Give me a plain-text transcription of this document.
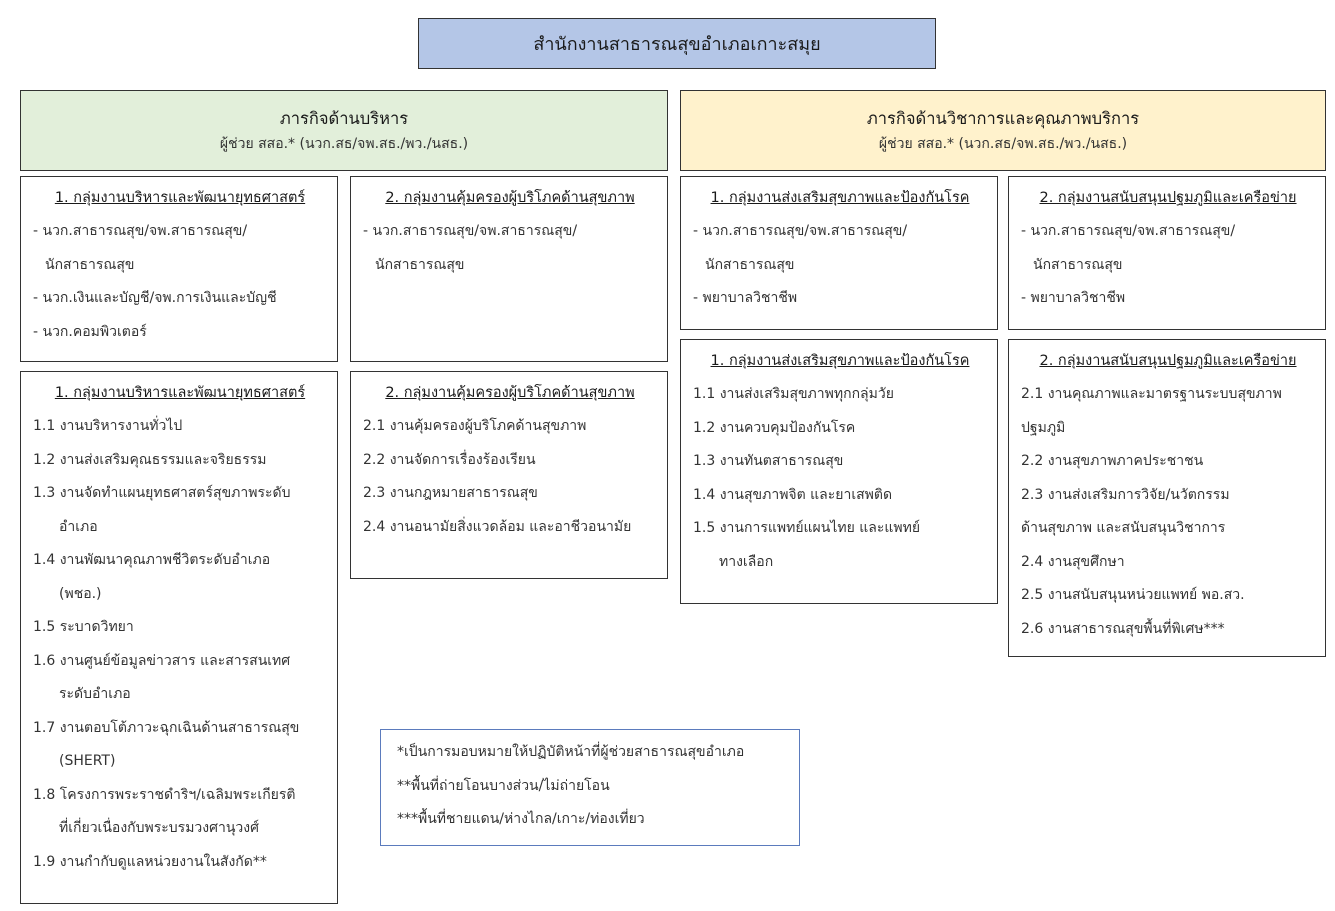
สำนักงานสาธารณสุขอำเภอเกาะสมุย
ภารกิจด้านบริหาร
ผู้ช่วย สสอ.* (นวก.สธ/จพ.สธ./พว./นสธ.)
ภารกิจด้านวิชาการและคุณภาพบริการ
ผู้ช่วย สสอ.* (นวก.สธ/จพ.สธ./พว./นสธ.)
1. กลุ่มงานบริหารและพัฒนายุทธศาสตร์
- นวก.สาธารณสุข/จพ.สาธารณสุข/
นักสาธารณสุข
- นวก.เงินและบัญชี/จพ.การเงินและบัญชี
- นวก.คอมพิวเตอร์
2. กลุ่มงานคุ้มครองผู้บริโภคด้านสุขภาพ
- นวก.สาธารณสุข/จพ.สาธารณสุข/
นักสาธารณสุข
1. กลุ่มงานส่งเสริมสุขภาพและป้องกันโรค
- นวก.สาธารณสุข/จพ.สาธารณสุข/
นักสาธารณสุข
- พยาบาลวิชาชีพ
2. กลุ่มงานสนับสนุนปฐมภูมิและเครือข่าย
- นวก.สาธารณสุข/จพ.สาธารณสุข/
นักสาธารณสุข
- พยาบาลวิชาชีพ
1. กลุ่มงานบริหารและพัฒนายุทธศาสตร์
1.1 งานบริหารงานทั่วไป
1.2 งานส่งเสริมคุณธรรมและจริยธรรม
1.3 งานจัดทำแผนยุทธศาสตร์สุขภาพระดับ
อำเภอ
1.4 งานพัฒนาคุณภาพชีวิตระดับอำเภอ
(พชอ.)
1.5 ระบาดวิทยา
1.6 งานศูนย์ข้อมูลข่าวสาร และสารสนเทศ
ระดับอำเภอ
1.7 งานตอบโต้ภาวะฉุกเฉินด้านสาธารณสุข
(SHERT)
1.8 โครงการพระราชดำริฯ/เฉลิมพระเกียรติ
ที่เกี่ยวเนื่องกับพระบรมวงศานุวงศ์
1.9 งานกำกับดูแลหน่วยงานในสังกัด**
2. กลุ่มงานคุ้มครองผู้บริโภคด้านสุขภาพ
2.1 งานคุ้มครองผู้บริโภคด้านสุขภาพ
2.2 งานจัดการเรื่องร้องเรียน
2.3 งานกฎหมายสาธารณสุข
2.4 งานอนามัยสิ่งแวดล้อม และอาชีวอนามัย
1. กลุ่มงานส่งเสริมสุขภาพและป้องกันโรค
1.1 งานส่งเสริมสุขภาพทุกกลุ่มวัย
1.2 งานควบคุมป้องกันโรค
1.3 งานทันตสาธารณสุข
1.4 งานสุขภาพจิต และยาเสพติด
1.5 งานการแพทย์แผนไทย และแพทย์
ทางเลือก
2. กลุ่มงานสนับสนุนปฐมภูมิและเครือข่าย
2.1 งานคุณภาพและมาตรฐานระบบสุขภาพ
ปฐมภูมิ
2.2 งานสุขภาพภาคประชาชน
2.3 งานส่งเสริมการวิจัย/นวัตกรรม
ด้านสุขภาพ และสนับสนุนวิชาการ
2.4 งานสุขศึกษา
2.5 งานสนับสนุนหน่วยแพทย์ พอ.สว.
2.6 งานสาธารณสุขพื้นที่พิเศษ***
*เป็นการมอบหมายให้ปฏิบัติหน้าที่ผู้ช่วยสาธารณสุขอำเภอ
**พื้นที่ถ่ายโอนบางส่วน/ไม่ถ่ายโอน
***พื้นที่ชายแดน/ห่างไกล/เกาะ/ท่องเที่ยว
